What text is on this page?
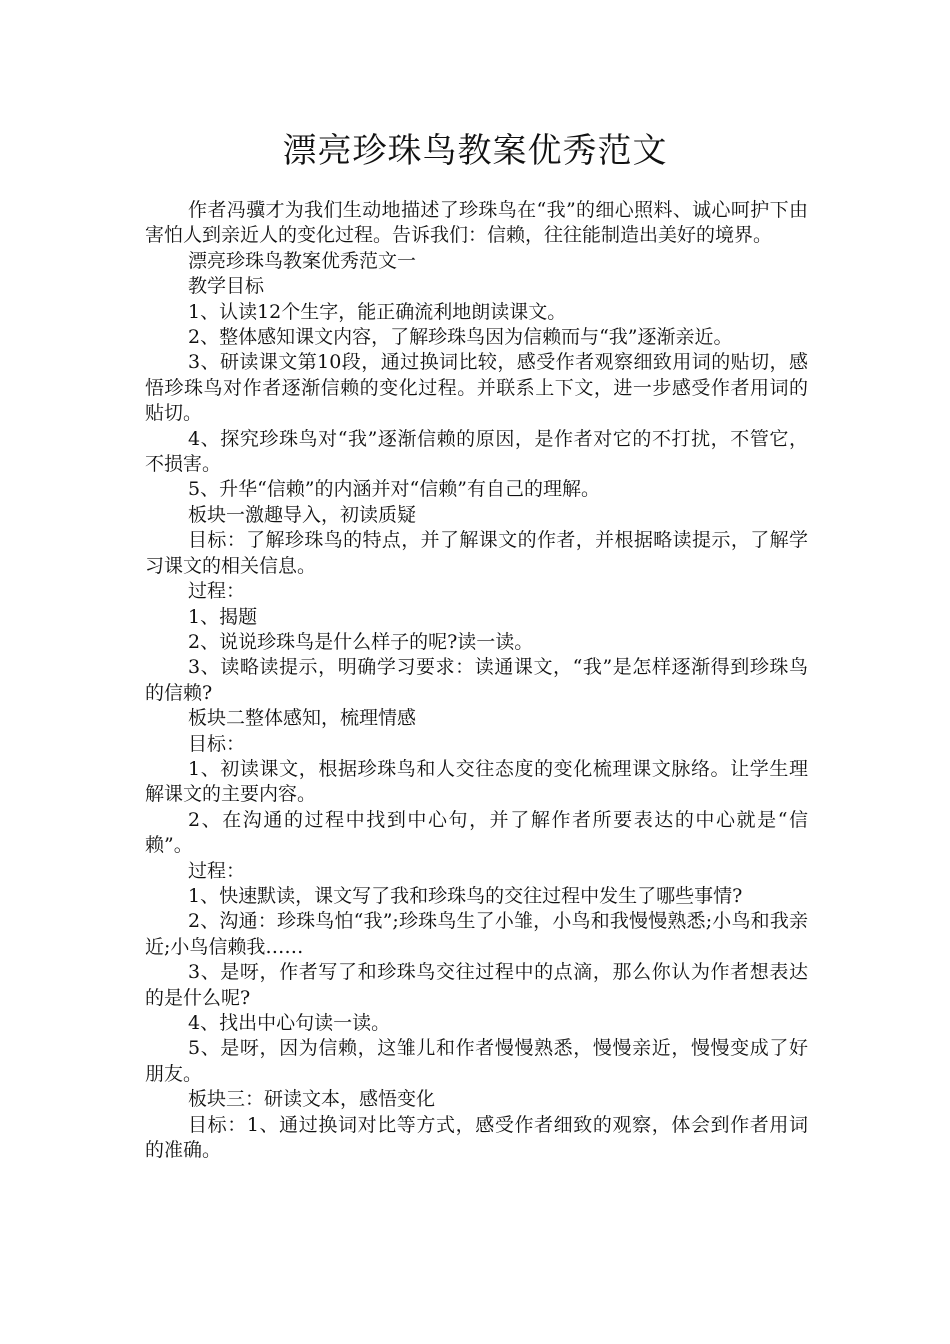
漂亮珍珠鸟教案优秀范文

作者冯骥才为我们生动地描述了珍珠鸟在“我”的细心照料、诚心呵护下由害怕人到亲近人的变化过程。告诉我们：信赖，往往能制造出美好的境界。

漂亮珍珠鸟教案优秀范文一

教学目标

1、认读12个生字，能正确流利地朗读课文。

2、整体感知课文内容，了解珍珠鸟因为信赖而与“我”逐渐亲近。

3、研读课文第10段，通过换词比较，感受作者观察细致用词的贴切，感悟珍珠鸟对作者逐渐信赖的变化过程。并联系上下文，进一步感受作者用词的贴切。

4、探究珍珠鸟对“我”逐渐信赖的原因，是作者对它的不打扰，不管它，不损害。

5、升华“信赖”的内涵并对“信赖”有自己的理解。

板块一激趣导入，初读质疑

目标：了解珍珠鸟的特点，并了解课文的作者，并根据略读提示，了解学习课文的相关信息。

过程：

1、揭题

2、说说珍珠鸟是什么样子的呢?读一读。

3、读略读提示，明确学习要求：读通课文，“我”是怎样逐渐得到珍珠鸟的信赖?

板块二整体感知，梳理情感

目标：

1、初读课文，根据珍珠鸟和人交往态度的变化梳理课文脉络。让学生理解课文的主要内容。

2、在沟通的过程中找到中心句，并了解作者所要表达的中心就是“信赖”。

过程：

1、快速默读，课文写了我和珍珠鸟的交往过程中发生了哪些事情?

2、沟通：珍珠鸟怕“我”;珍珠鸟生了小雏，小鸟和我慢慢熟悉;小鸟和我亲近;小鸟信赖我……

3、是呀，作者写了和珍珠鸟交往过程中的点滴，那么你认为作者想表达的是什么呢?

4、找出中心句读一读。

5、是呀，因为信赖，这雏儿和作者慢慢熟悉，慢慢亲近，慢慢变成了好朋友。

板块三：研读文本，感悟变化

目标：1、通过换词对比等方式，感受作者细致的观察，体会到作者用词的准确。
